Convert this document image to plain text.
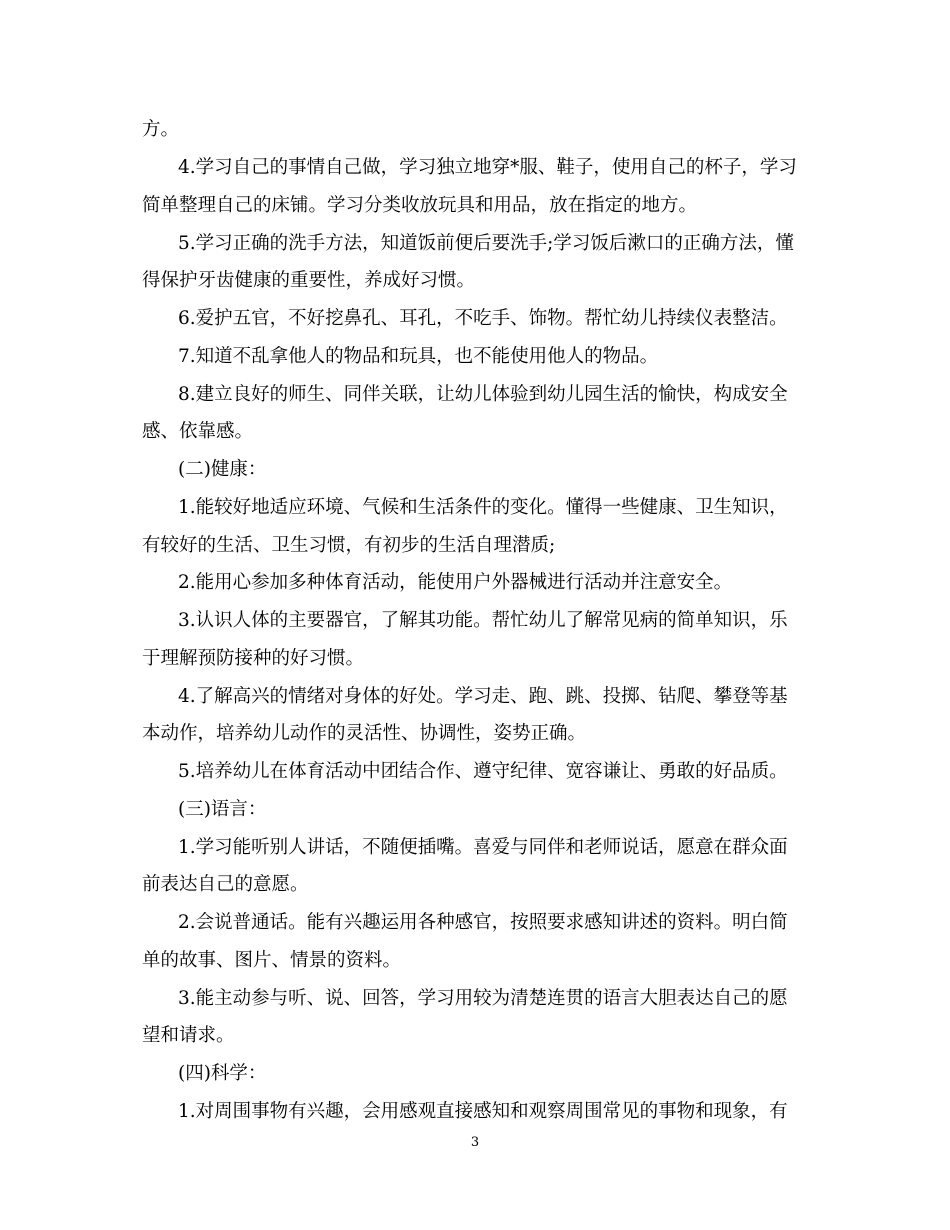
方。
4.学习自己的事情自己做，学习独立地穿*服、鞋子，使用自己的杯子，学习
简单整理自己的床铺。学习分类收放玩具和用品，放在指定的地方。
5.学习正确的洗手方法，知道饭前便后要洗手;学习饭后漱口的正确方法，懂
得保护牙齿健康的重要性，养成好习惯。
6.爱护五官，不好挖鼻孔、耳孔，不吃手、饰物。帮忙幼儿持续仪表整洁。
7.知道不乱拿他人的物品和玩具，也不能使用他人的物品。
8.建立良好的师生、同伴关联，让幼儿体验到幼儿园生活的愉快，构成安全
感、依靠感。
(二)健康：
1.能较好地适应环境、气候和生活条件的变化。懂得一些健康、卫生知识，
有较好的生活、卫生习惯，有初步的生活自理潜质;
2.能用心参加多种体育活动，能使用户外器械进行活动并注意安全。
3.认识人体的主要器官，了解其功能。帮忙幼儿了解常见病的简单知识，乐
于理解预防接种的好习惯。
4.了解高兴的情绪对身体的好处。学习走、跑、跳、投掷、钻爬、攀登等基
本动作，培养幼儿动作的灵活性、协调性，姿势正确。
5.培养幼儿在体育活动中团结合作、遵守纪律、宽容谦让、勇敢的好品质。
(三)语言：
1.学习能听别人讲话，不随便插嘴。喜爱与同伴和老师说话，愿意在群众面
前表达自己的意愿。
2.会说普通话。能有兴趣运用各种感官，按照要求感知讲述的资料。明白简
单的故事、图片、情景的资料。
3.能主动参与听、说、回答，学习用较为清楚连贯的语言大胆表达自己的愿
望和请求。
(四)科学：
1.对周围事物有兴趣，会用感观直接感知和观察周围常见的事物和现象，有
3
